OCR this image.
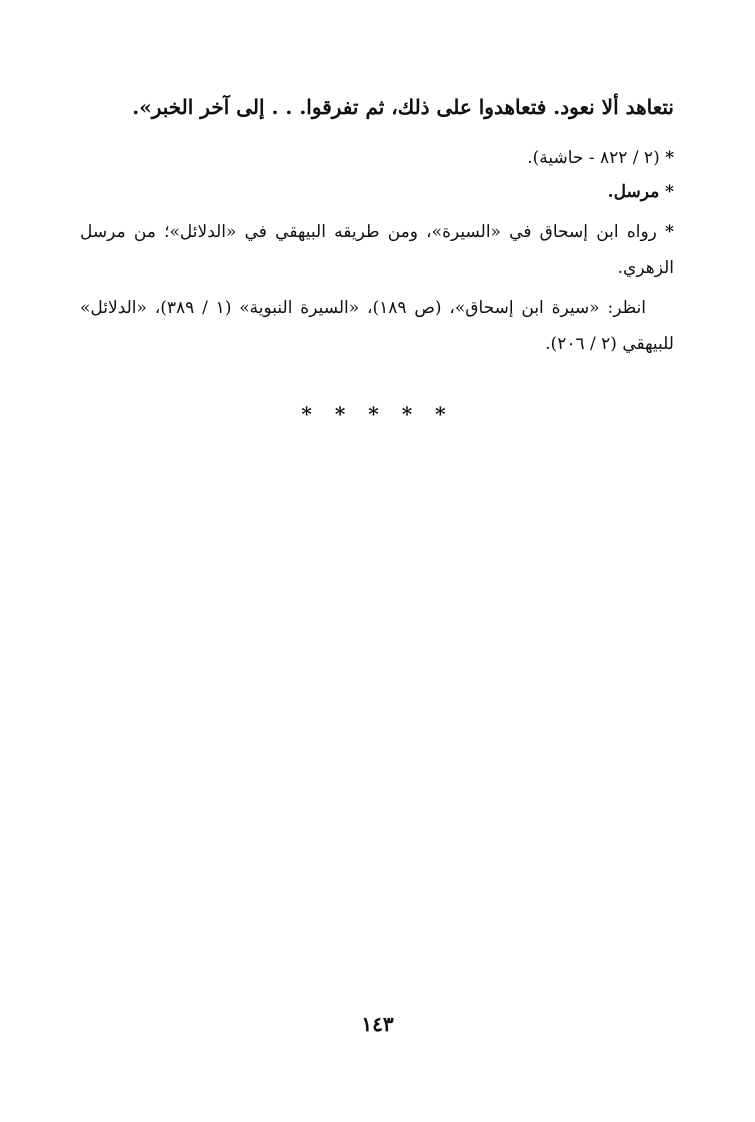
نتعاهد ألا نعود. فتعاهدوا على ذلك، ثم تفرقوا. . . إلى آخر الخبر».
* (٢ / ٨٢٢ - حاشية).
* مرسل.
* رواه ابن إسحاق في «السيرة»، ومن طريقه البيهقي في «الدلائل»؛ من مرسل الزهري.
انظر: «سيرة ابن إسحاق»، (ص ١٨٩)، «السيرة النبوية» (١ / ٣٨٩)، «الدلائل» للبيهقي (٢ / ٢٠٦).
* * * * *
١٤٣
